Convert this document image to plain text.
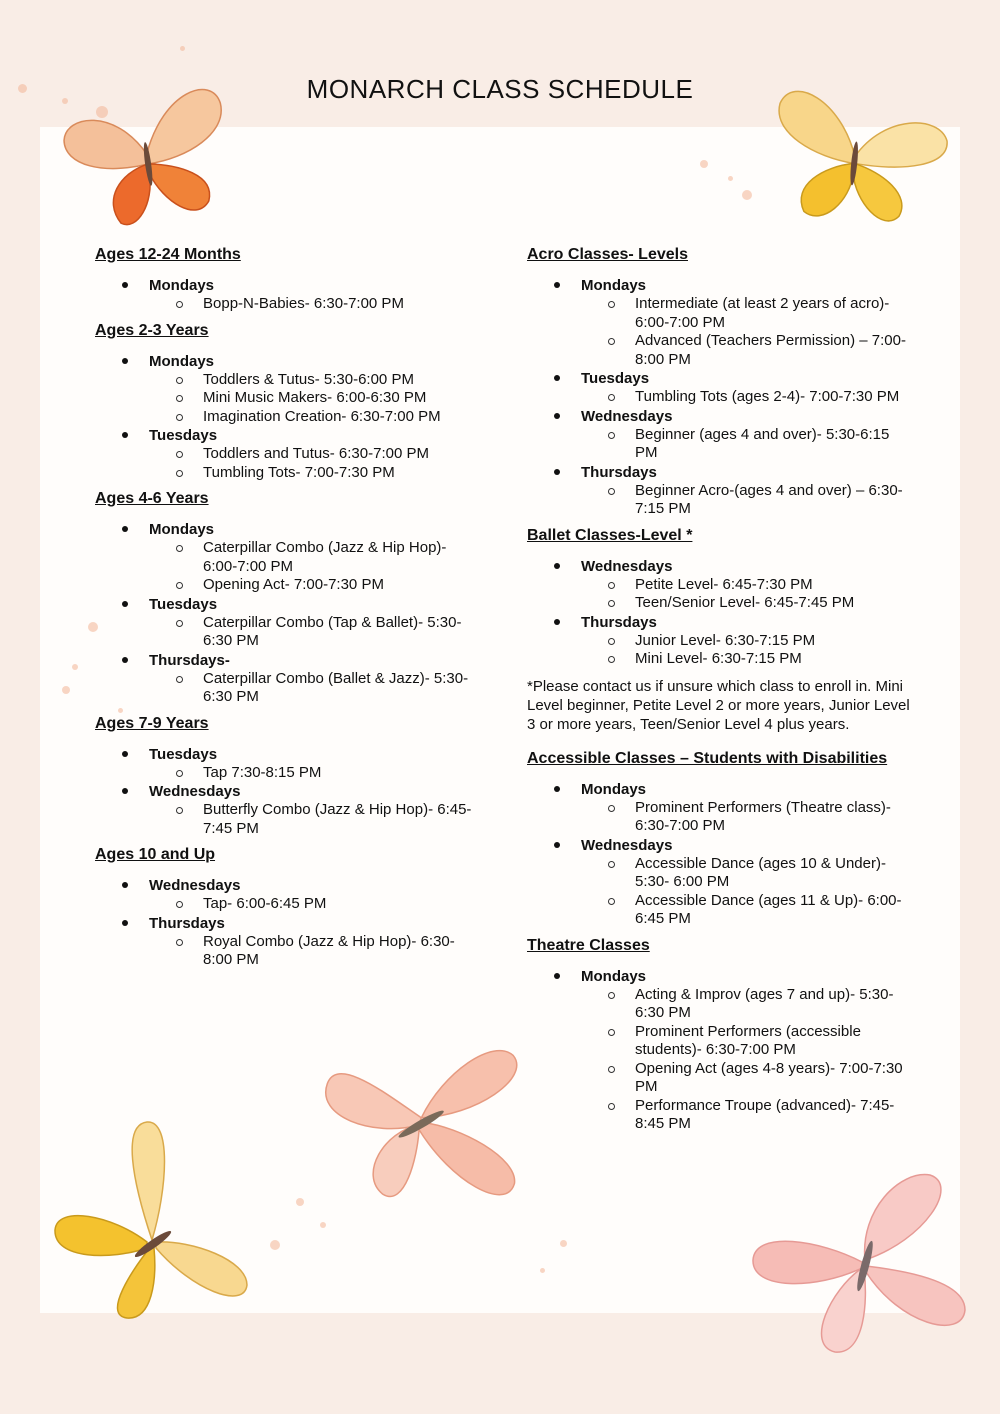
MONARCH CLASS SCHEDULE
Ages 12-24 Months
Mondays
Bopp-N-Babies- 6:30-7:00 PM
Ages 2-3 Years
Mondays
Toddlers & Tutus- 5:30-6:00 PM
Mini Music Makers- 6:00-6:30 PM
Imagination Creation- 6:30-7:00 PM
Tuesdays
Toddlers and Tutus- 6:30-7:00 PM
Tumbling Tots- 7:00-7:30 PM
Ages 4-6 Years
Mondays
Caterpillar Combo (Jazz & Hip Hop)- 6:00-7:00 PM
Opening Act- 7:00-7:30 PM
Tuesdays
Caterpillar Combo (Tap & Ballet)- 5:30-6:30 PM
Thursdays-
Caterpillar Combo (Ballet & Jazz)- 5:30-6:30 PM
Ages 7-9 Years
Tuesdays
Tap 7:30-8:15 PM
Wednesdays
Butterfly Combo (Jazz & Hip Hop)- 6:45-7:45 PM
Ages 10 and Up
Wednesdays
Tap- 6:00-6:45 PM
Thursdays
Royal Combo (Jazz & Hip Hop)- 6:30-8:00 PM
Acro Classes- Levels
Mondays
Intermediate (at least 2 years of acro)- 6:00-7:00 PM
Advanced (Teachers Permission) – 7:00-8:00 PM
Tuesdays
Tumbling Tots (ages 2-4)- 7:00-7:30 PM
Wednesdays
Beginner (ages 4 and over)- 5:30-6:15 PM
Thursdays
Beginner Acro-(ages 4 and over) – 6:30-7:15 PM
Ballet Classes-Level *
Wednesdays
Petite Level- 6:45-7:30 PM
Teen/Senior Level- 6:45-7:45 PM
Thursdays
Junior Level- 6:30-7:15 PM
Mini Level- 6:30-7:15 PM

*Please contact us if unsure which class to enroll in. Mini Level beginner, Petite Level 2 or more years, Junior Level 3 or more years, Teen/Senior Level 4 plus years.

Accessible Classes – Students with Disabilities
Mondays
Prominent Performers (Theatre class)- 6:30-7:00 PM
Wednesdays
Accessible Dance (ages 10 & Under)- 5:30- 6:00 PM
Accessible Dance (ages 11 & Up)- 6:00-6:45 PM
Theatre Classes
Mondays
Acting & Improv (ages 7 and up)- 5:30-6:30 PM
Prominent Performers (accessible students)- 6:30-7:00 PM
Opening Act (ages 4-8 years)- 7:00-7:30 PM
Performance Troupe (advanced)- 7:45-8:45 PM
